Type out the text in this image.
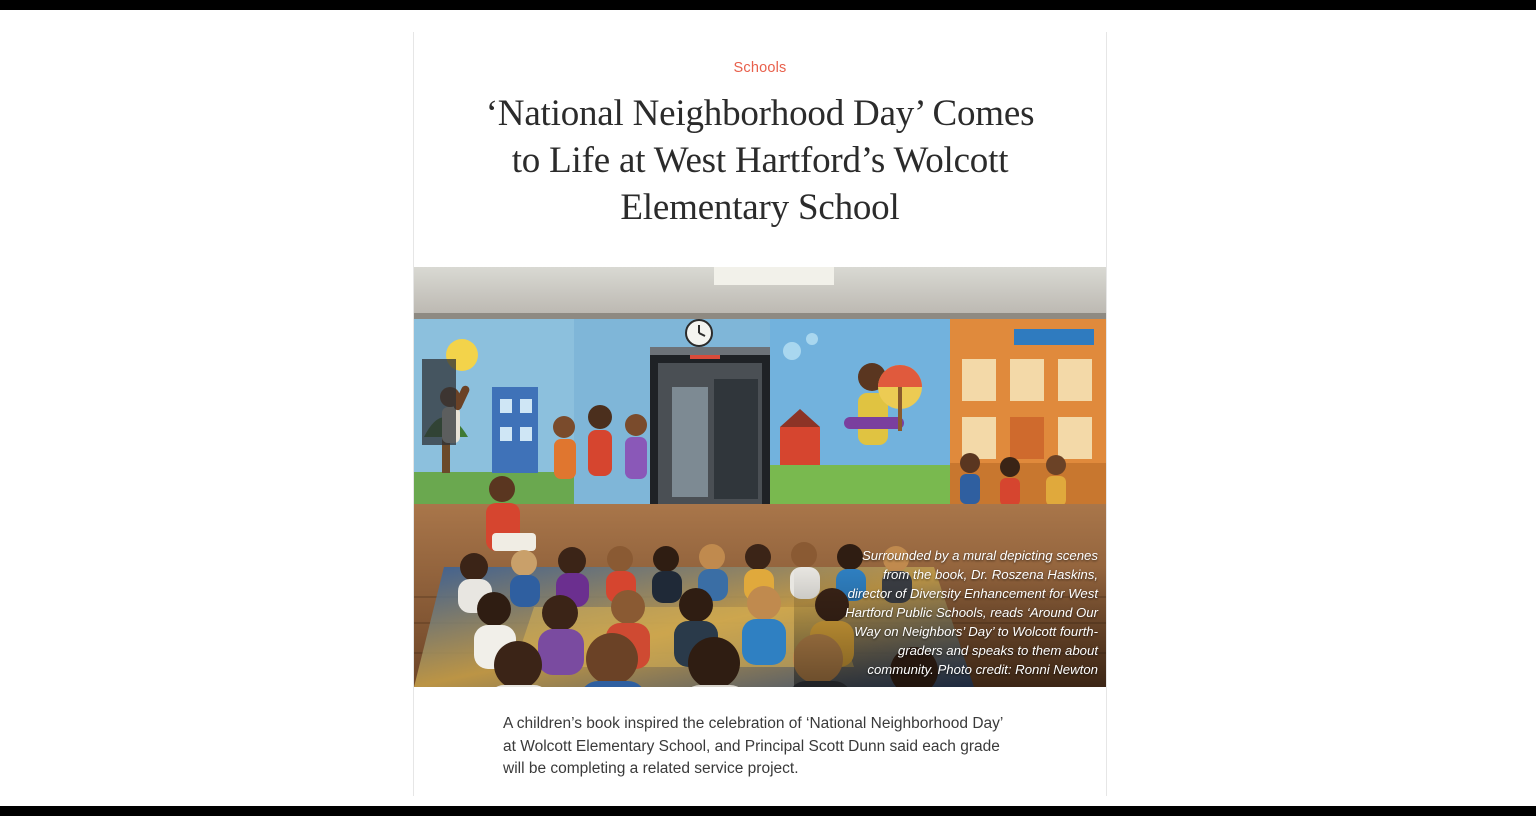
Schools
‘National Neighborhood Day’ Comes to Life at West Hartford’s Wolcott Elementary School
Surrounded by a mural depicting scenes from the book, Dr. Roszena Haskins, director of Diversity Enhancement for West Hartford Public Schools, reads ‘Around Our Way on Neighbors’ Day’ to Wolcott fourth-graders and speaks to them about community. Photo credit: Ronni Newton

A children’s book inspired the celebration of ‘National Neighborhood Day’ at Wolcott Elementary School, and Principal Scott Dunn said each grade will be completing a related service project.
